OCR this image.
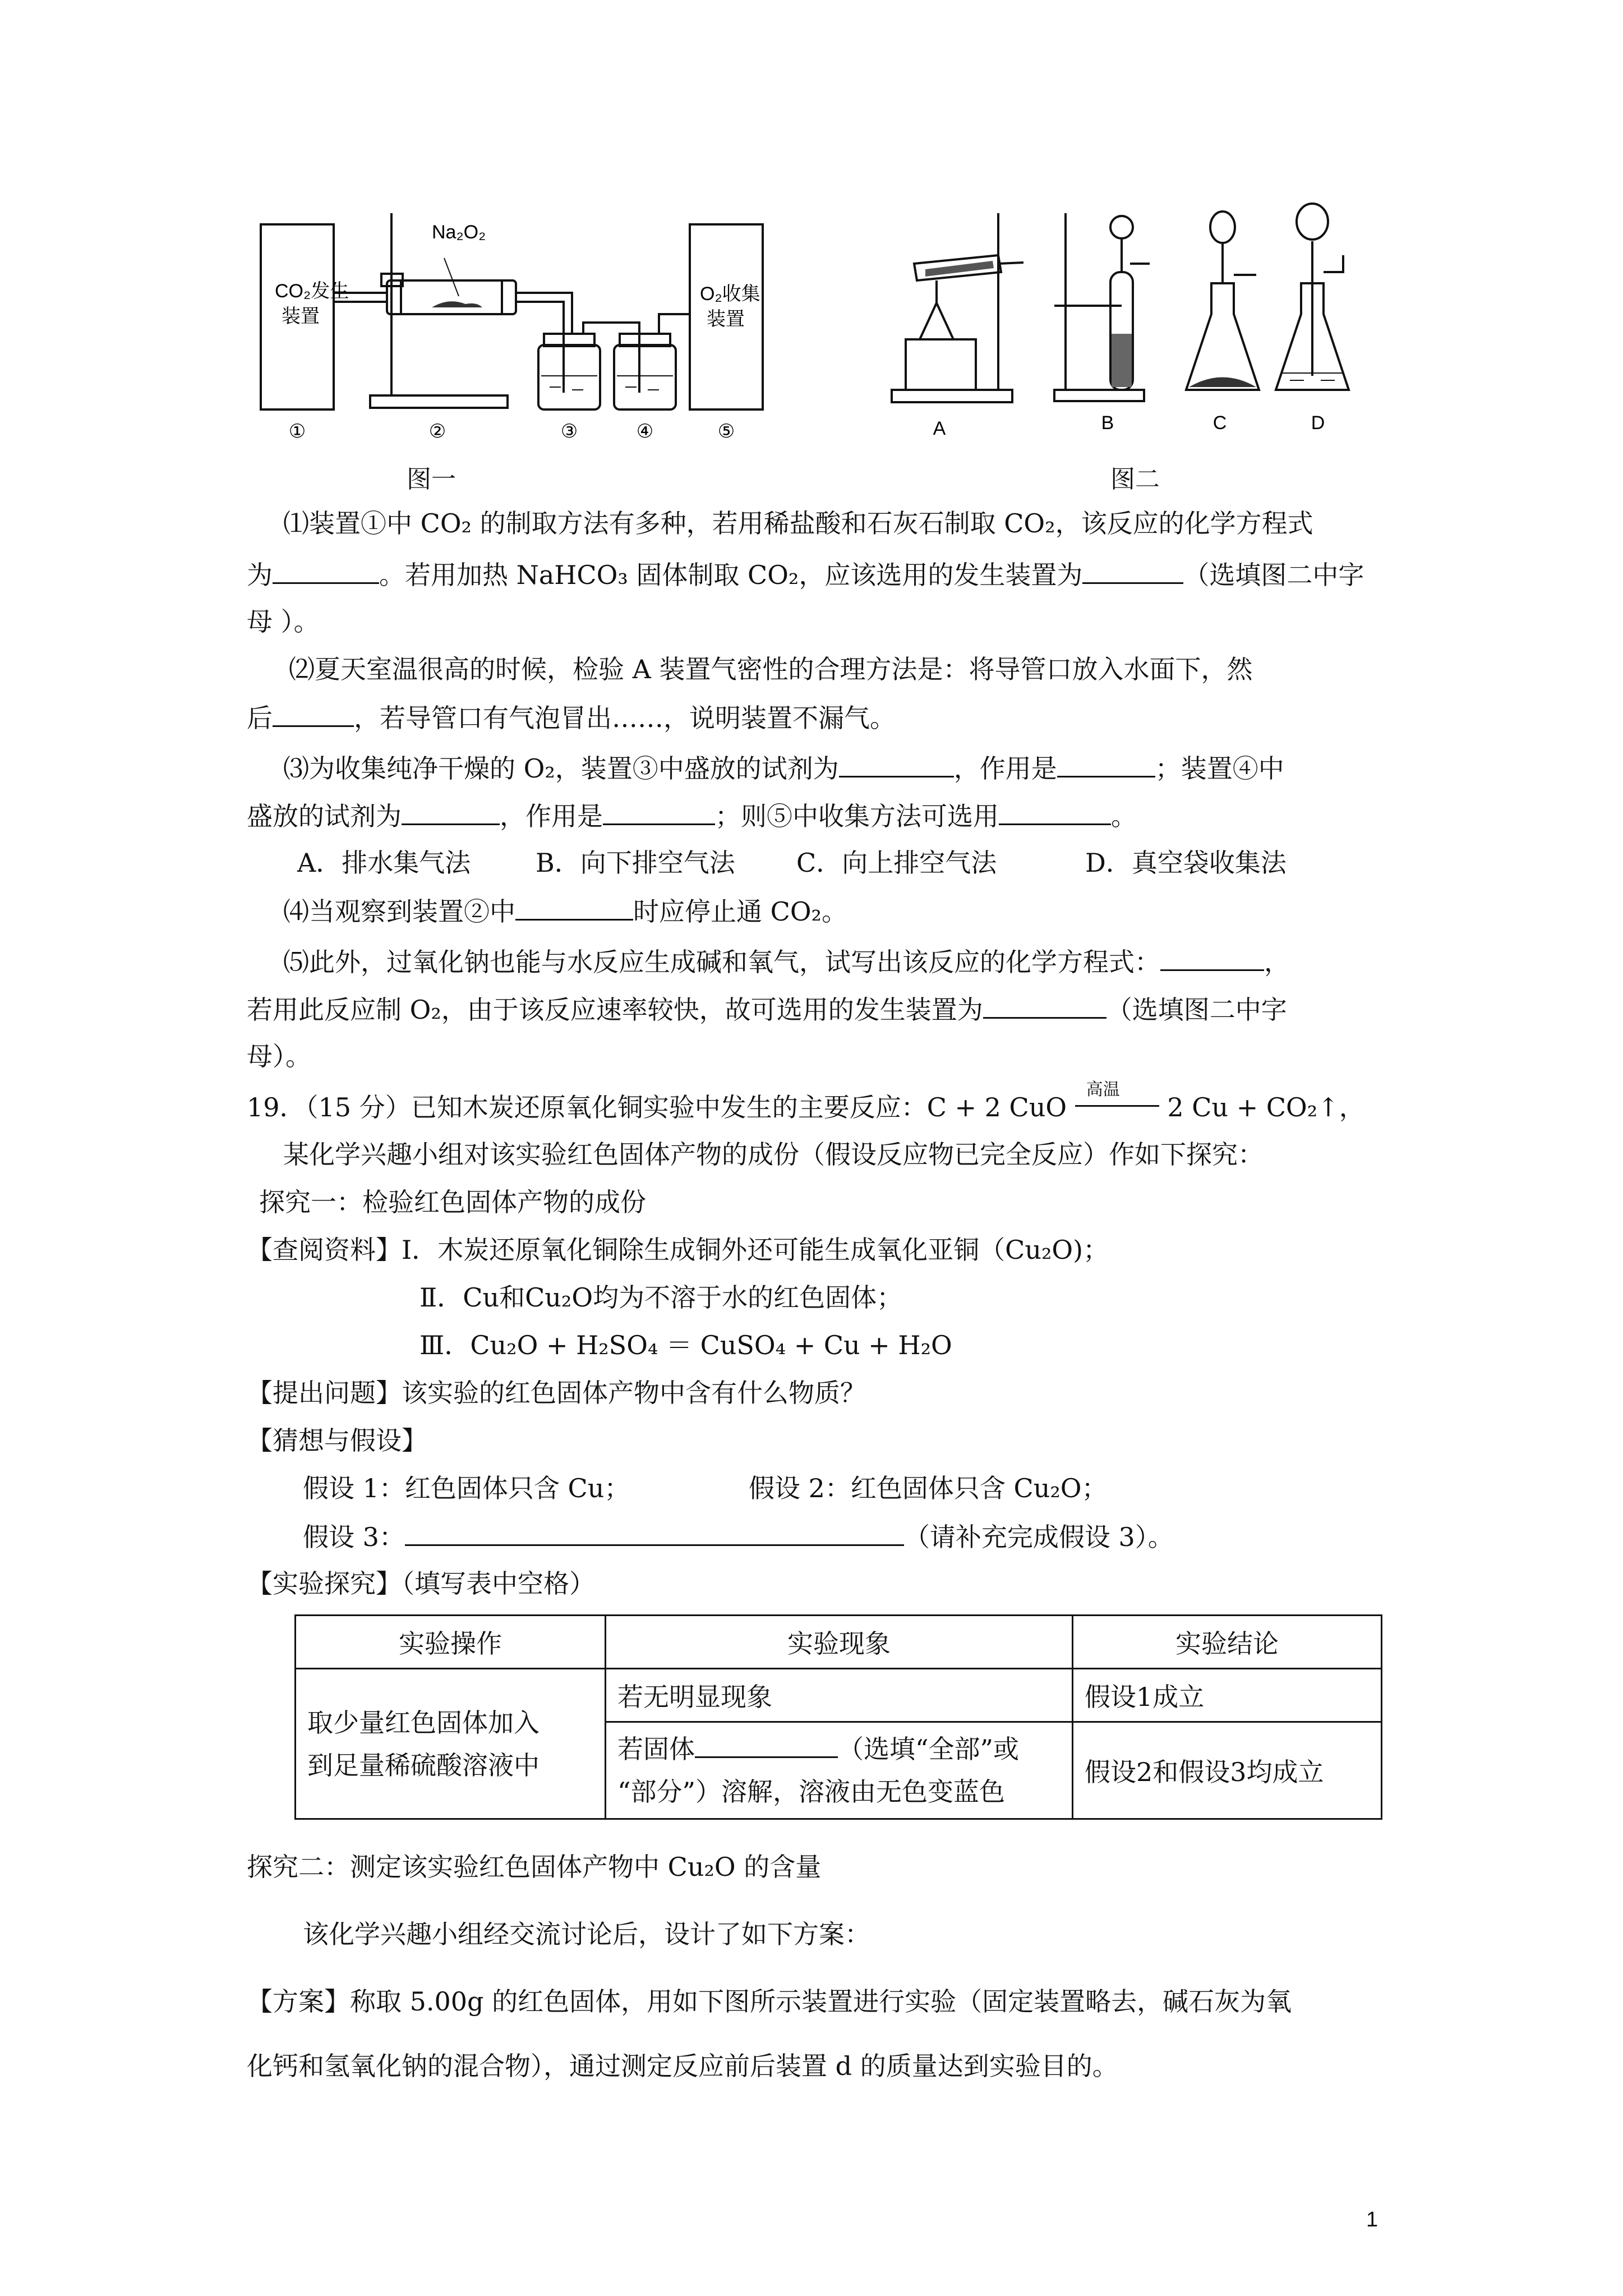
CO₂发生
装置
O₂收集
装置
Na₂O₂
①	②	③	④	⑤
图一
A	B	C	D
图二
⑴装置①中 CO₂ 的制取方法有多种，若用稀盐酸和石灰石制取 CO₂，该反应的化学方程式
为	。若用加热 NaHCO₃ 固体制取 CO₂，应该选用的发生装置为	（选填图二中字
母 ）。
⑵夏天室温很高的时候，检验 A 装置气密性的合理方法是：将导管口放入水面下，然
后	，若导管口有气泡冒出……，说明装置不漏气。
⑶为收集纯净干燥的 O₂，装置③中盛放的试剂为	，作用是	；装置④中
盛放的试剂为	，作用是	；则⑤中收集方法可选用	。
A．排水集气法	B．向下排空气法 C．向上排空气法	D．真空袋收集法
⑷当观察到装置②中	时应停止通 CO₂。
⑸此外，过氧化钠也能与水反应生成碱和氧气，试写出该反应的化学方程式：	，
若用此反应制 O₂，由于该反应速率较快，故可选用的发生装置为	（选填图二中字
母）。
19．（15 分）已知木炭还原氧化铜实验中发生的主要反应：C + 2 CuO
高温
2 Cu + CO₂↑，
某化学兴趣小组对该实验红色固体产物的成份（假设反应物已完全反应）作如下探究：
探究一：检验红色固体产物的成份
【查阅资料】Ⅰ．木炭还原氧化铜除生成铜外还可能生成氧化亚铜（Cu₂O)；
Ⅱ．Cu和Cu₂O均为不溶于水的红色固体；
Ⅲ．Cu₂O + H₂SO₄ ＝ CuSO₄ + Cu + H₂O
【提出问题】该实验的红色固体产物中含有什么物质？
【猜想与假设】
假设 1：红色固体只含 Cu；	假设 2：红色固体只含 Cu₂O；
假设 3：	（请补充完成假设 3）。
【实验探究】（填写表中空格）
实验操作	实验现象	实验结论

取少量红色固体加入
到足量稀硫酸溶液中	若无明显现象	假设1成立

	若固体 （选填“全部”或
“部分”）溶解，溶液由无色变蓝色	假设2和假设3均成立
探究二：测定该实验红色固体产物中 Cu₂O 的含量
该化学兴趣小组经交流讨论后，设计了如下方案：
【方案】称取 5.00g 的红色固体，用如下图所示装置进行实验（固定装置略去，碱石灰为氧
化钙和氢氧化钠的混合物），通过测定反应前后装置 d 的质量达到实验目的。
1
